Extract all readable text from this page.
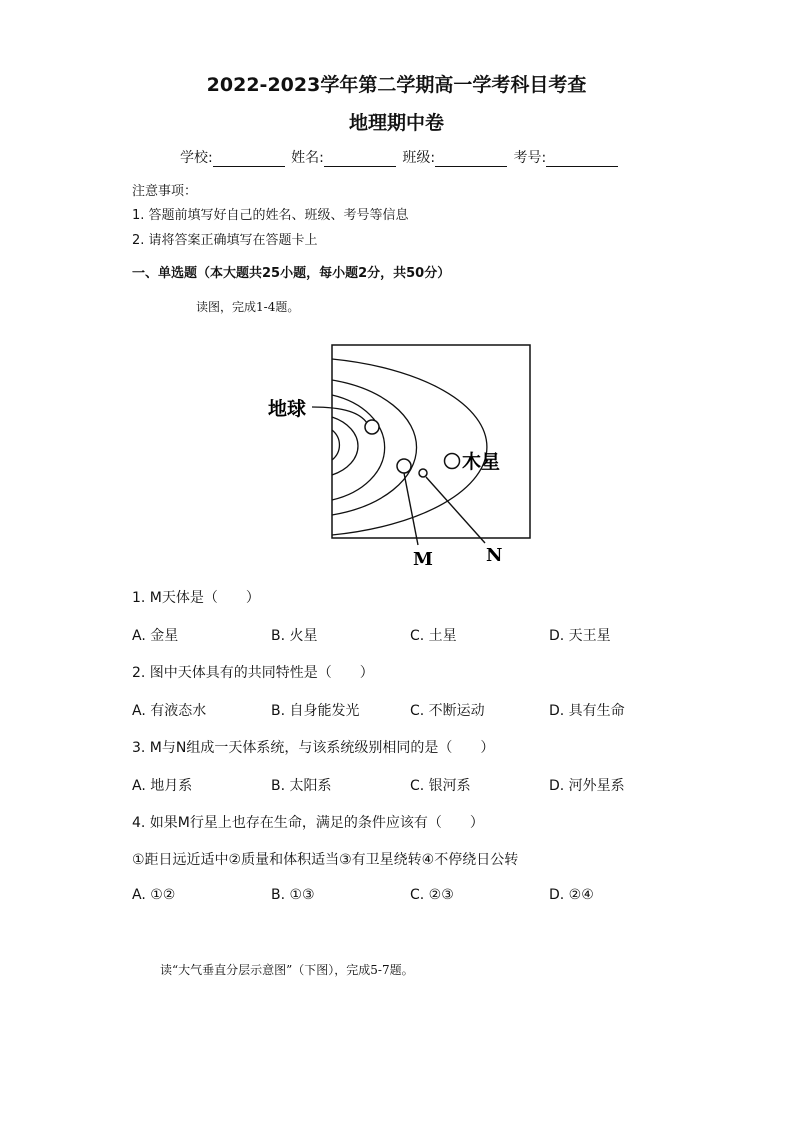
2022-2023学年第二学期高一学考科目考查
地理期中卷
学校:	姓名:	班级:	考号:
注意事项：
1. 答题前填写好自己的姓名、班级、考号等信息
2. 请将答案正确填写在答题卡上
一、单选题（本大题共25小题，每小题2分，共50分）
读图，完成1-4题。
地球
木星
M	N
1. M天体是（　　）
A. 金星	B. 火星	C. 土星	D. 天王星
2. 图中天体具有的共同特性是（　　）
A. 有液态水	B. 自身能发光	C. 不断运动	D. 具有生命
3. M与N组成一天体系统，与该系统级别相同的是（　　）
A. 地月系	B. 太阳系	C. 银河系	D. 河外星系
4. 如果M行星上也存在生命，满足的条件应该有（　　）
①距日远近适中②质量和体积适当③有卫星绕转④不停绕日公转
A. ①②	B. ①③	C. ②③	D. ②④
读“大气垂直分层示意图”（下图），完成5-7题。
